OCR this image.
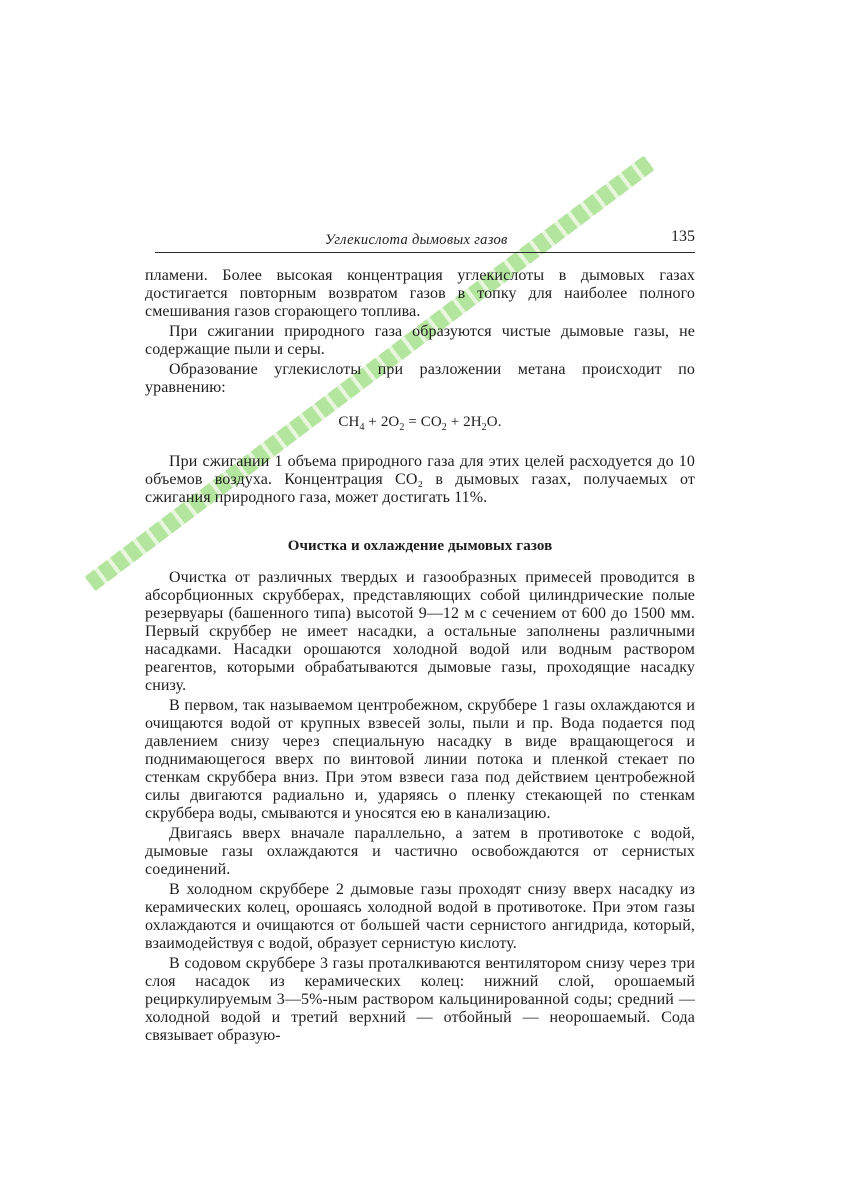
Углекислота дымовых газов	135

пламени. Более высокая концентрация углекислоты в дымовых газах достигается повторным возвратом газов в топку для наиболее полного смешивания газов сгорающего топлива.

При сжигании природного газа образуются чистые дымовые газы, не содержащие пыли и серы.

Образование углекислоты при разложении метана происходит по уравнению:

$CH_4 + 2O_2 = CO_2 + 2H_2O$.

При сжигании 1 объема природного газа для этих целей расходуется до 10 объемов воздуха. Концентрация CO₂ в дымовых газах, получаемых от сжигания природного газа, может достигать 11%.

Очистка и охлаждение дымовых газов

Очистка от различных твердых и газообразных примесей проводится в абсорбционных скрубберах, представляющих собой цилиндрические полые резервуары (башенного типа) высотой 9—12 м с сечением от 600 до 1500 мм. Первый скруббер не имеет насадки, а остальные заполнены различными насадками. Насадки орошаются холодной водой или водным раствором реагентов, которыми обрабатываются дымовые газы, проходящие насадку снизу.

В первом, так называемом центробежном, скруббере 1 газы охлаждаются и очищаются водой от крупных взвесей золы, пыли и пр. Вода подается под давлением снизу через специальную насадку в виде вращающегося и поднимающегося вверх по винтовой линии потока и пленкой стекает по стенкам скруббера вниз. При этом взвеси газа под действием центробежной силы двигаются радиально и, ударяясь о пленку стекающей по стенкам скруббера воды, смываются и уносятся ею в канализацию.

Двигаясь вверх вначале параллельно, а затем в противотоке с водой, дымовые газы охлаждаются и частично освобождаются от сернистых соединений.

В холодном скруббере 2 дымовые газы проходят снизу вверх насадку из керамических колец, орошаясь холодной водой в противотоке. При этом газы охлаждаются и очищаются от большей части сернистого ангидрида, который, взаимодействуя с водой, образует сернистую кислоту.

В содовом скруббере 3 газы проталкиваются вентилятором снизу через три слоя насадок из керамических колец: нижний слой, орошаемый рециркулируемым 3—5%-ным раствором кальцинированной соды; средний — холодной водой и третий верхний — отбойный — неорошаемый. Сода связывает образую-
